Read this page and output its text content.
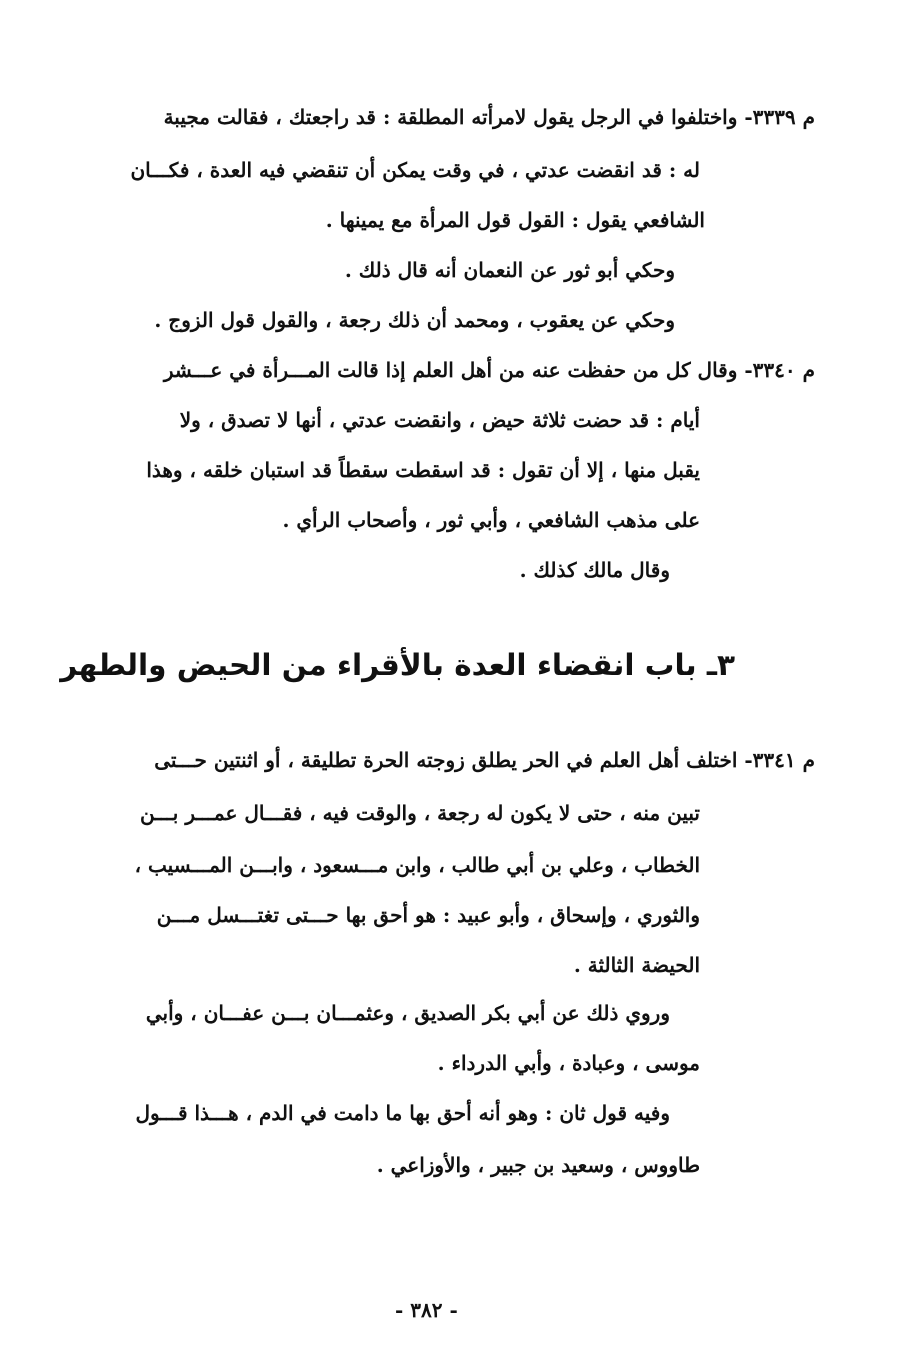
م ٣٣٣٩- واختلفوا في الرجل يقول لامرأته المطلقة : قد راجعتك ، فقالت مجيبة
له : قد انقضت عدتي ، في وقت يمكن أن تنقضي فيه العدة ، فكـــان
الشافعي يقول : القول قول المرأة مع يمينها .
وحكي أبو ثور عن النعمان أنه قال ذلك .
وحكي عن يعقوب ، ومحمد أن ذلك رجعة ، والقول قول الزوج .
م ٣٣٤٠- وقال كل من حفظت عنه من أهل العلم إذا قالت المـــرأة في عـــشر
أيام : قد حضت ثلاثة حيض ، وانقضت عدتي ، أنها لا تصدق ، ولا
يقبل منها ، إلا أن تقول : قد اسقطت سقطاً قد استبان خلقه ، وهذا
على مذهب الشافعي ، وأبي ثور ، وأصحاب الرأي .
وقال مالك كذلك .
٣ـ باب انقضاء العدة بالأقراء من الحيض والطهر
م ٣٣٤١- اختلف أهل العلم في الحر يطلق زوجته الحرة تطليقة ، أو اثنتين حـــتى
تبين منه ، حتى لا يكون له رجعة ، والوقت فيه ، فقـــال عمـــر بـــن
الخطاب ، وعلي بن أبي طالب ، وابن مـــسعود ، وابـــن المـــسيب ،
والثوري ، وإسحاق ، وأبو عبيد : هو أحق بها حـــتى تغتـــسل مـــن
الحيضة الثالثة .
وروي ذلك عن أبي بكر الصديق ، وعثمـــان بـــن عفـــان ، وأبي
موسى ، وعبادة ، وأبي الدرداء .
وفيه قول ثان : وهو أنه أحق بها ما دامت في الدم ، هـــذا قـــول
طاووس ، وسعيد بن جبير ، والأوزاعي .
- ٣٨٢ -
